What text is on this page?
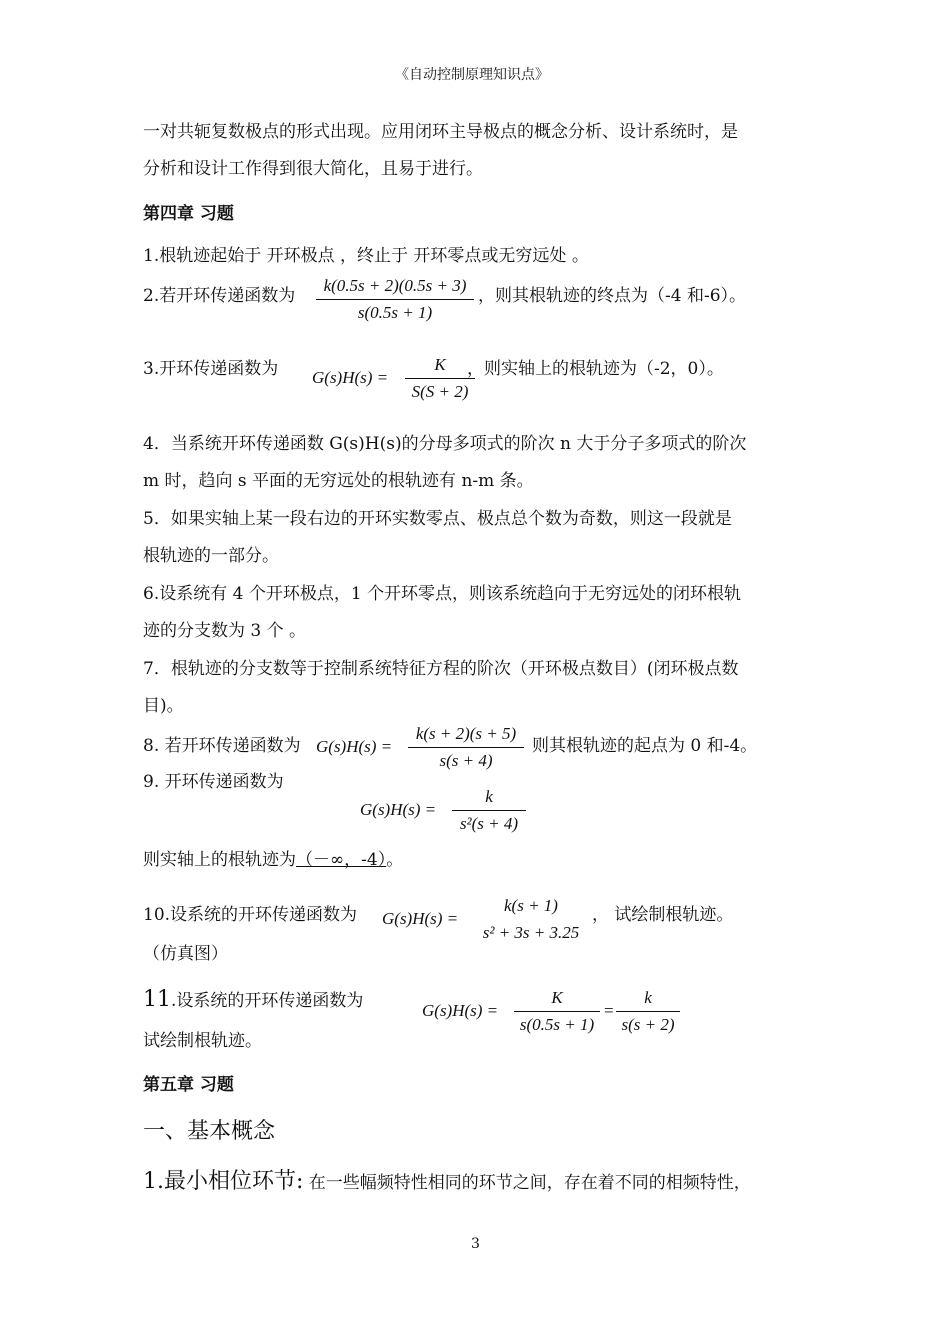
《自动控制原理知识点》
一对共轭复数极点的形式出现。应用闭环主导极点的概念分析、设计系统时，是
分析和设计工作得到很大简化，且易于进行。
第四章 习题
1.根轨迹起始于 开环极点 ，终止于 开环零点或无穷远处 。
2.若开环传递函数为 $\frac{k(0.5s + 2)(0.5s + 3)}{s(0.5s + 1)}$ ，则其根轨迹的终点为（-4 和-6）。
3.开环传递函数为 $G(s)H(s) = \frac{K}{S(S + 2)}$
，则实轴上的根轨迹为（-2，0）。
4．当系统开环传递函数 G(s)H(s)的分母多项式的阶次 n 大于分子多项式的阶次
m 时，趋向 s 平面的无穷远处的根轨迹有 n-m 条。
5．如果实轴上某一段右边的开环实数零点、极点总个数为奇数，则这一段就是
根轨迹的一部分。
6.设系统有 4 个开环极点，1 个开环零点，则该系统趋向于无穷远处的闭环根轨
迹的分支数为 3 个 。
7．根轨迹的分支数等于控制系统特征方程的阶次（开环极点数目）(闭环极点数
目)。
8. 若开环传递函数为 $G(s)H(s) = \frac{k(s + 2)(s + 5)}{s(s + 4)}$ 则其根轨迹的起点为 0 和-4。
9. 开环传递函数为
$G(s)H(s) = \frac{k}{\text{s²(s + 4)}}$
则实轴上的根轨迹为（－∞，-4）。
10.设系统的开环传递函数为 G(s)H(s) =
k(s + 1)
s² + 3s + 3.25
， 试绘制根轨迹。
（仿真图）
11.设系统的开环传递函数为	$G(s)H(s) = \frac{K}{s(0.5s + 1)} = \frac{k}{s(s + 2)}$
试绘制根轨迹。
第五章 习题
一、基本概念
1.最小相位环节: 在一些幅频特性相同的环节之间，存在着不同的相频特性，
3
